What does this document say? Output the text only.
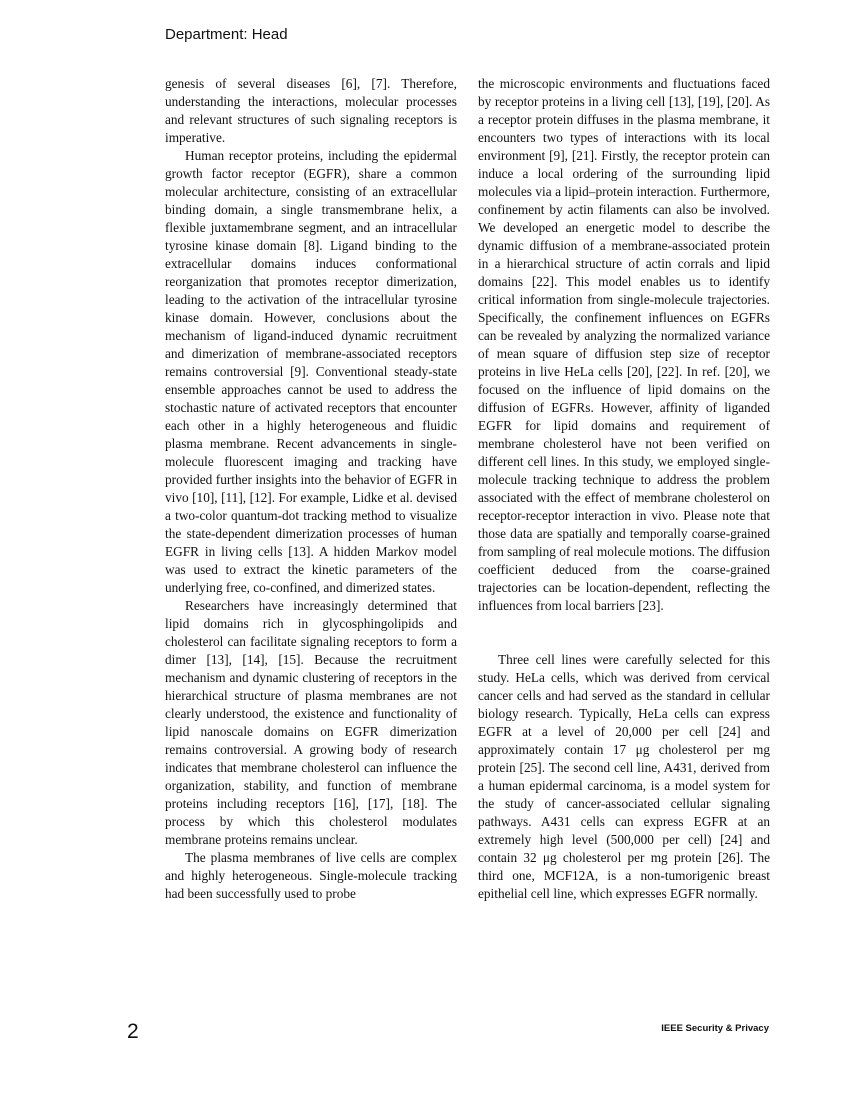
Department: Head

genesis of several diseases [6], [7]. Therefore, understanding the interactions, molecular processes and relevant structures of such signaling receptors is imperative.

Human receptor proteins, including the epidermal growth factor receptor (EGFR), share a common molecular architecture, consisting of an extracellular binding domain, a single transmembrane helix, a flexible juxtamembrane segment, and an intracellular tyrosine kinase domain [8]. Ligand binding to the extracellular domains induces conformational reorganization that promotes receptor dimerization, leading to the activation of the intracellular tyrosine kinase domain. However, conclusions about the mechanism of ligand-induced dynamic recruitment and dimerization of membrane-associated receptors remains controversial [9]. Conventional steady-state ensemble approaches cannot be used to address the stochastic nature of activated receptors that encounter each other in a highly heterogeneous and fluidic plasma membrane. Recent advancements in single-molecule fluorescent imaging and tracking have provided further insights into the behavior of EGFR in vivo [10], [11], [12]. For example, Lidke et al. devised a two-color quantum-dot tracking method to visualize the state-dependent dimerization processes of human EGFR in living cells [13]. A hidden Markov model was used to extract the kinetic parameters of the underlying free, co-confined, and dimerized states.

Researchers have increasingly determined that lipid domains rich in glycosphingolipids and cholesterol can facilitate signaling receptors to form a dimer [13], [14], [15]. Because the recruitment mechanism and dynamic clustering of receptors in the hierarchical structure of plasma membranes are not clearly understood, the existence and functionality of lipid nanoscale domains on EGFR dimerization remains controversial. A growing body of research indicates that membrane cholesterol can influence the organization, stability, and function of membrane proteins including receptors [16], [17], [18]. The process by which this cholesterol modulates membrane proteins remains unclear.

The plasma membranes of live cells are complex and highly heterogeneous. Single-molecule tracking had been successfully used to probe

the microscopic environments and fluctuations faced by receptor proteins in a living cell [13], [19], [20]. As a receptor protein diffuses in the plasma membrane, it encounters two types of interactions with its local environment [9], [21]. Firstly, the receptor protein can induce a local ordering of the surrounding lipid molecules via a lipid–protein interaction. Furthermore, confinement by actin filaments can also be involved. We developed an energetic model to describe the dynamic diffusion of a membrane-associated protein in a hierarchical structure of actin corrals and lipid domains [22]. This model enables us to identify critical information from single-molecule trajectories. Specifically, the confinement influences on EGFRs can be revealed by analyzing the normalized variance of mean square of diffusion step size of receptor proteins in live HeLa cells [20], [22]. In ref. [20], we focused on the influence of lipid domains on the diffusion of EGFRs. However, affinity of liganded EGFR for lipid domains and requirement of membrane cholesterol have not been verified on different cell lines. In this study, we employed single-molecule tracking technique to address the problem associated with the effect of membrane cholesterol on receptor-receptor interaction in vivo. Please note that those data are spatially and temporally coarse-grained from sampling of real molecule motions. The diffusion coefficient deduced from the coarse-grained trajectories can be location-dependent, reflecting the influences from local barriers [23].

Three cell lines were carefully selected for this study. HeLa cells, which was derived from cervical cancer cells and had served as the standard in cellular biology research. Typically, HeLa cells can express EGFR at a level of 20,000 per cell [24] and approximately contain 17 μg cholesterol per mg protein [25]. The second cell line, A431, derived from a human epidermal carcinoma, is a model system for the study of cancer-associated cellular signaling pathways. A431 cells can express EGFR at an extremely high level (500,000 per cell) [24] and contain 32 μg cholesterol per mg protein [26]. The third one, MCF12A, is a non-tumorigenic breast epithelial cell line, which expresses EGFR normally.

2	IEEE Security & Privacy
